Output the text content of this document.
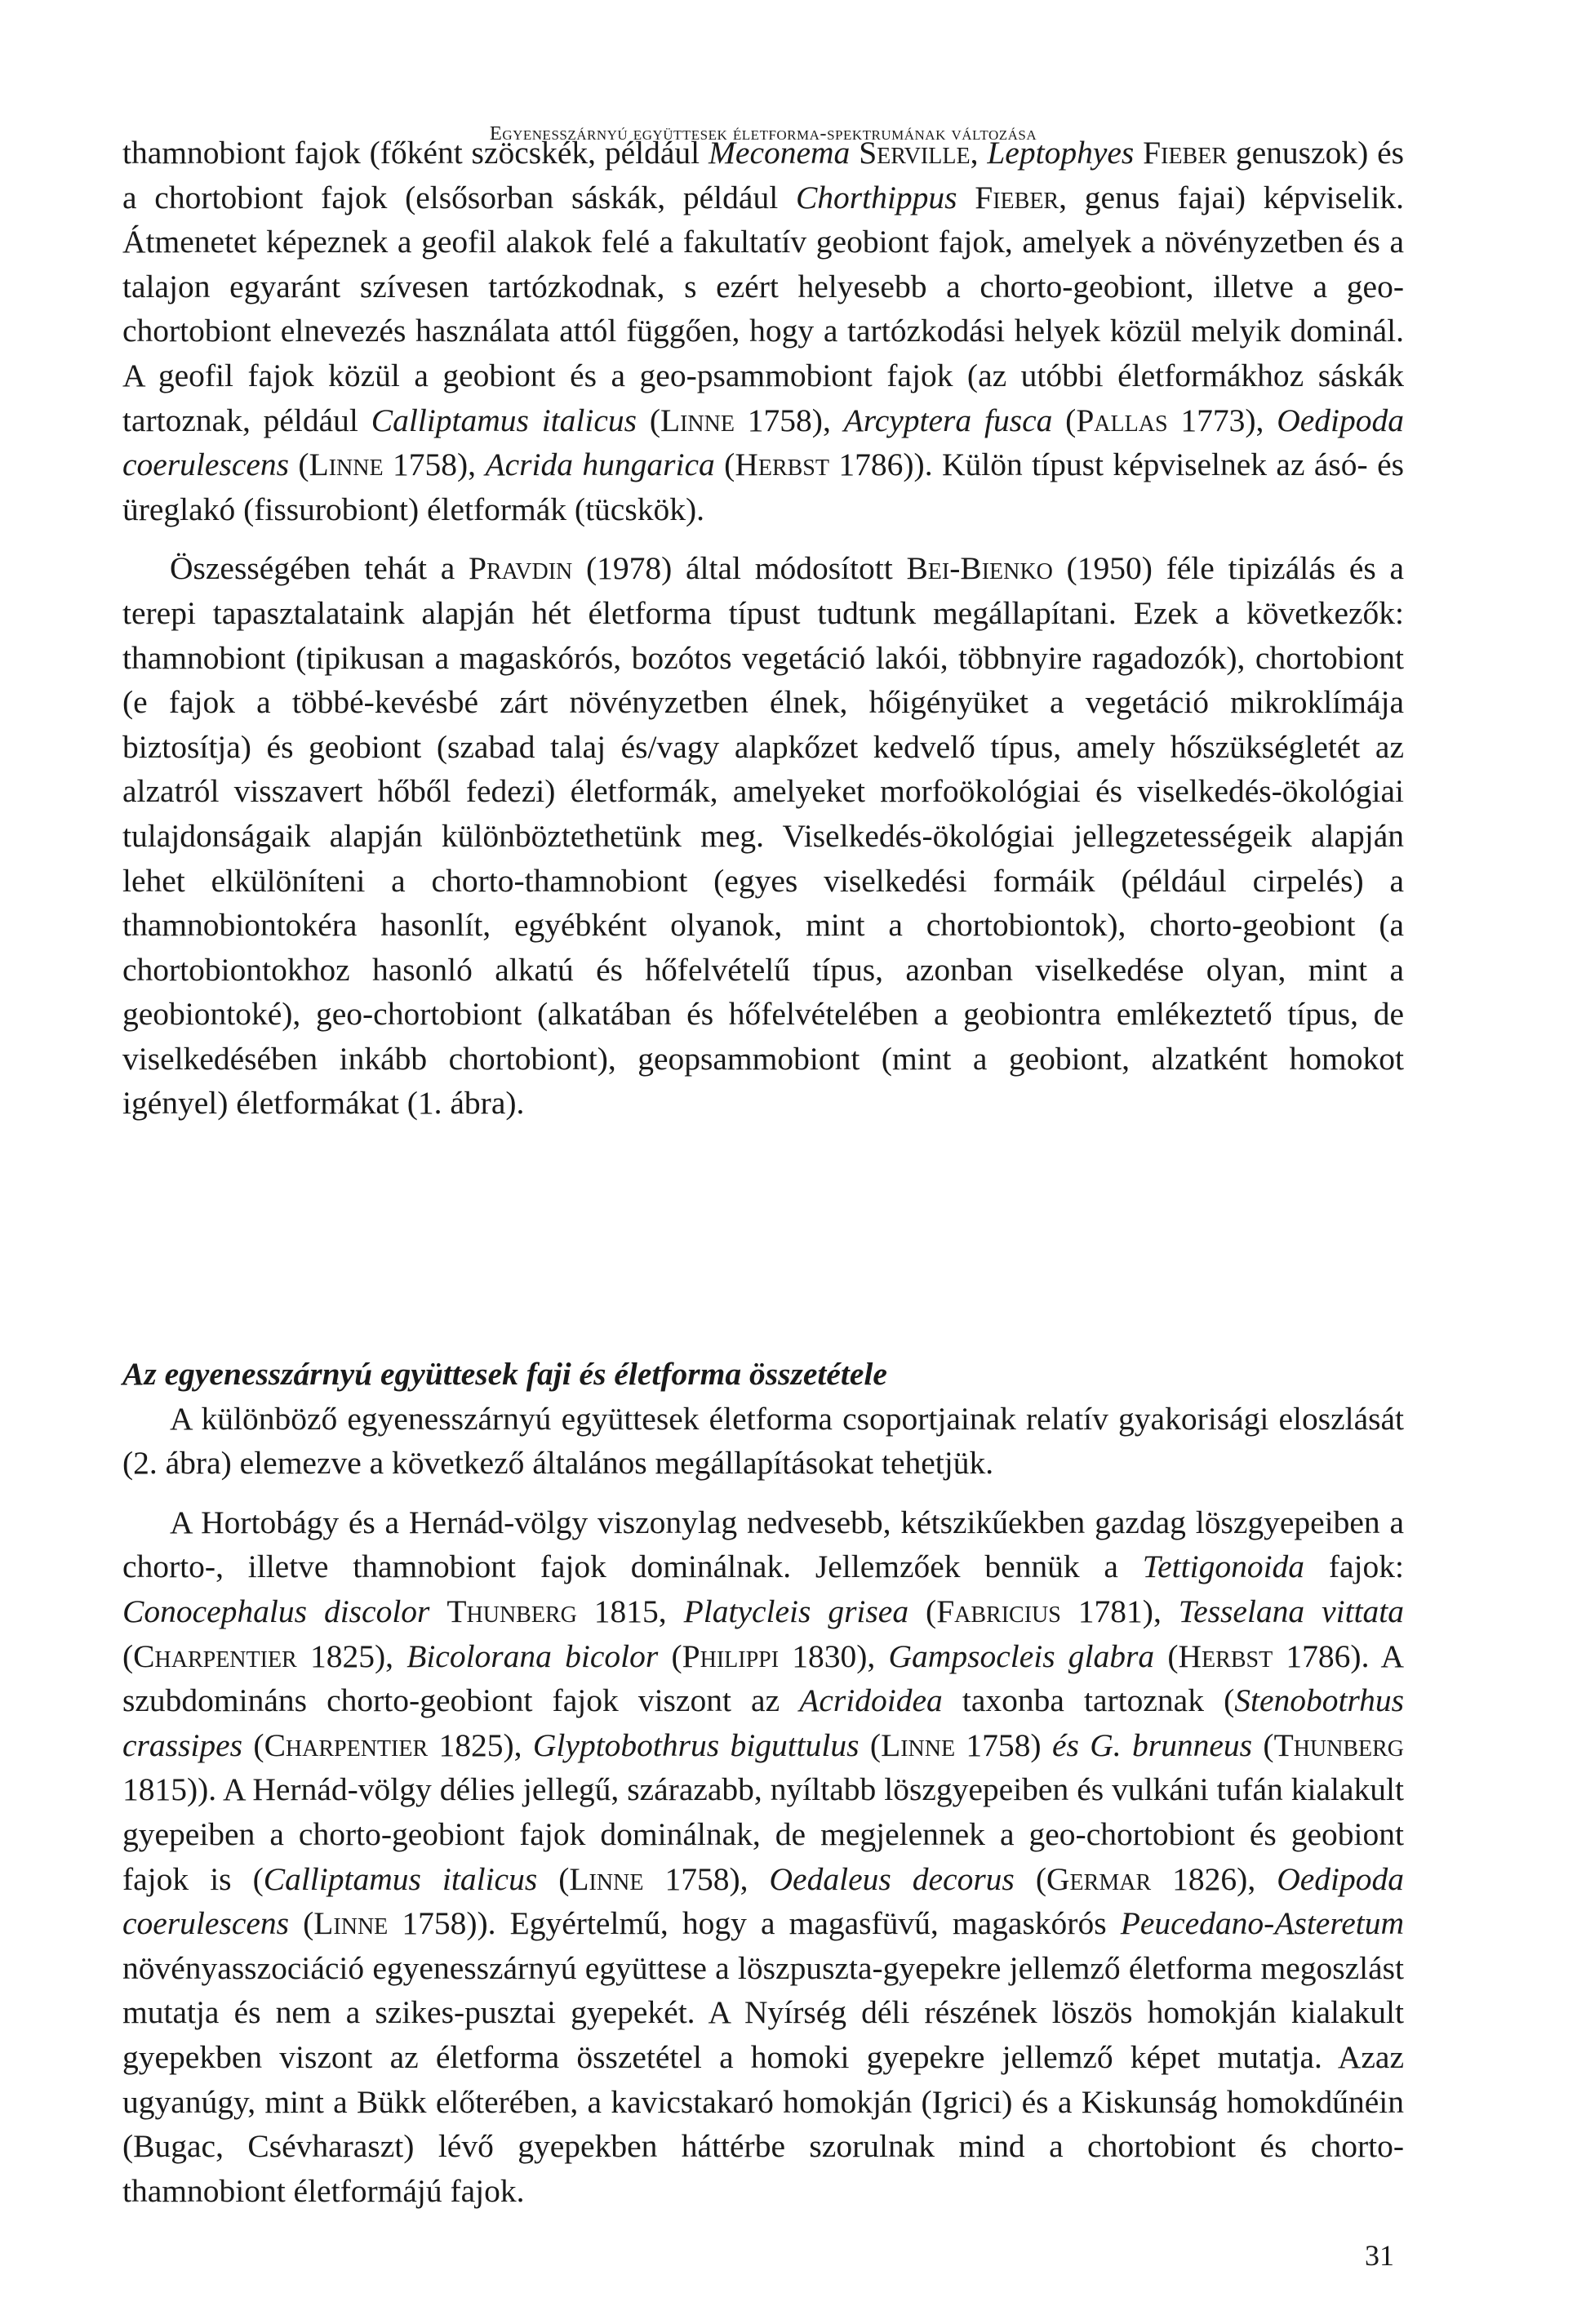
Egyenesszárnyú együttesek életforma-spektrumának változása

thamnobiont fajok (főként szöcskék, például Meconema Serville, Leptophyes Fieber genuszok) és a chortobiont fajok (elsősorban sáskák, például Chorthippus Fieber, genus fajai) képviselik. Átmenetet képeznek a geofil alakok felé a fakultatív geobiont fajok, amelyek a növényzetben és a talajon egyaránt szívesen tartózkodnak, s ezért helyesebb a chorto-geobiont, illetve a geo-chortobiont elnevezés használata attól függően, hogy a tartózkodási helyek közül melyik dominál. A geofil fajok közül a geobiont és a geo-psammobiont fajok (az utóbbi életformákhoz sáskák tartoznak, például Calliptamus italicus (Linne 1758), Arcyptera fusca (Pallas 1773), Oedipoda coerulescens (Linne 1758), Acrida hungarica (Herbst 1786)). Külön típust képviselnek az ásó- és üreglakó (fissurobiont) életformák (tücskök).

Öszességében tehát a Pravdin (1978) által módosított Bei-Bienko (1950) féle tipizálás és a terepi tapasztalataink alapján hét életforma típust tudtunk megállapítani. Ezek a következők: thamnobiont (tipikusan a magaskórós, bozótos vegetáció lakói, többnyire ragadozók), chortobiont (e fajok a többé-kevésbé zárt növényzetben élnek, hőigényüket a vegetáció mikroklímája biztosítja) és geobiont (szabad talaj és/vagy alapkőzet kedvelő típus, amely hőszükségletét az alzatról visszavert hőből fedezi) életformák, amelyeket morfoökológiai és viselkedés-ökológiai tulajdonságaik alapján különböztethetünk meg. Viselkedés-ökológiai jellegzetességeik alapján lehet elkülöníteni a chorto-thamnobiont (egyes viselkedési formáik (például cirpelés) a thamnobiontokéra hasonlít, egyébként olyanok, mint a chortobiontok), chorto-geobiont (a chortobiontokhoz hasonló alkatú és hőfelvételű típus, azonban viselkedése olyan, mint a geobiontoké), geo-chortobiont (alkatában és hőfelvételében a geobiontra emlékeztető típus, de viselkedésében inkább chortobiont), geopsammobiont (mint a geobiont, alzatként homokot igényel) életformákat (1. ábra).

Az egyenesszárnyú együttesek faji és életforma összetétele

A különböző egyenesszárnyú együttesek életforma csoportjainak relatív gyakorisági eloszlását (2. ábra) elemezve a következő általános megállapításokat tehetjük.

A Hortobágy és a Hernád-völgy viszonylag nedvesebb, kétszikűekben gazdag löszgyepeiben a chorto-, illetve thamnobiont fajok dominálnak. Jellemzőek bennük a Tettigonoida fajok: Conocephalus discolor Thunberg 1815, Platycleis grisea (Fabricius 1781), Tesselana vittata (Charpentier 1825), Bicolorana bicolor (Philippi 1830), Gampsocleis glabra (Herbst 1786). A szubdomináns chorto-geobiont fajok viszont az Acridoidea taxonba tartoznak (Stenobotrhus crassipes (Charpentier 1825), Glyptobothrus biguttulus (Linne 1758) és G. brunneus (Thunberg 1815)). A Hernád-völgy délies jellegű, szárazabb, nyíltabb löszgyepeiben és vulkáni tufán kialakult gyepeiben a chorto-geobiont fajok dominálnak, de megjelennek a geo-chortobiont és geobiont fajok is (Calliptamus italicus (Linne 1758), Oedaleus decorus (Germar 1826), Oedipoda coerulescens (Linne 1758)). Egyértelmű, hogy a magasfüvű, magaskórós Peucedano-Asteretum növényasszociáció egyenesszárnyú együttese a löszpuszta-gyepekre jellemző életforma megoszlást mutatja és nem a szikes-pusztai gyepekét. A Nyírség déli részének löszös homokján kialakult gyepekben viszont az életforma összetétel a homoki gyepekre jellemző képet mutatja. Azaz ugyanúgy, mint a Bükk előterében, a kavicstakaró homokján (Igrici) és a Kiskunság homokdűnéin (Bugac, Csévharaszt) lévő gyepekben háttérbe szorulnak mind a chortobiont és chorto-thamnobiont életformájú fajok.

31
